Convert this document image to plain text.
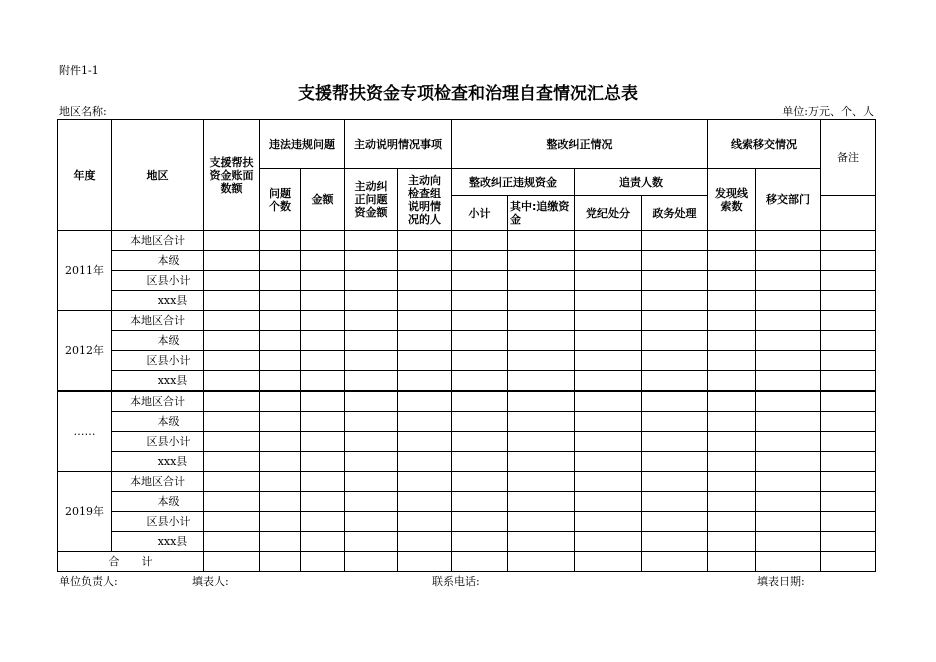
附件1-1
支援帮扶资金专项检查和治理自查情况汇总表
地区名称:	单位:万元、个、人
年度	地区	支援帮扶资金账面数额	违法违规问题		主动说明情况事项		整改纠正情况				线索移交情况		备注
			问题个数	金额	主动纠正问题资金额	主动向检查组说明情况的人	整改纠正违规资金		追责人数		发现线索数	移交部门	
							小计	其中:追缴资金	党纪处分	政务处理			
2011年	本地区合计												
	本级												
	区县小计												
	xxx县												
2012年	本地区合计												
	本级												
	区县小计												
	xxx县												
……	本地区合计												
	本级												
	区县小计												
	xxx县												
2019年	本地区合计												
	本级												
	区县小计												
	xxx县												
合　　计													
单位负责人:	填表人:	联系电话:	填表日期:
